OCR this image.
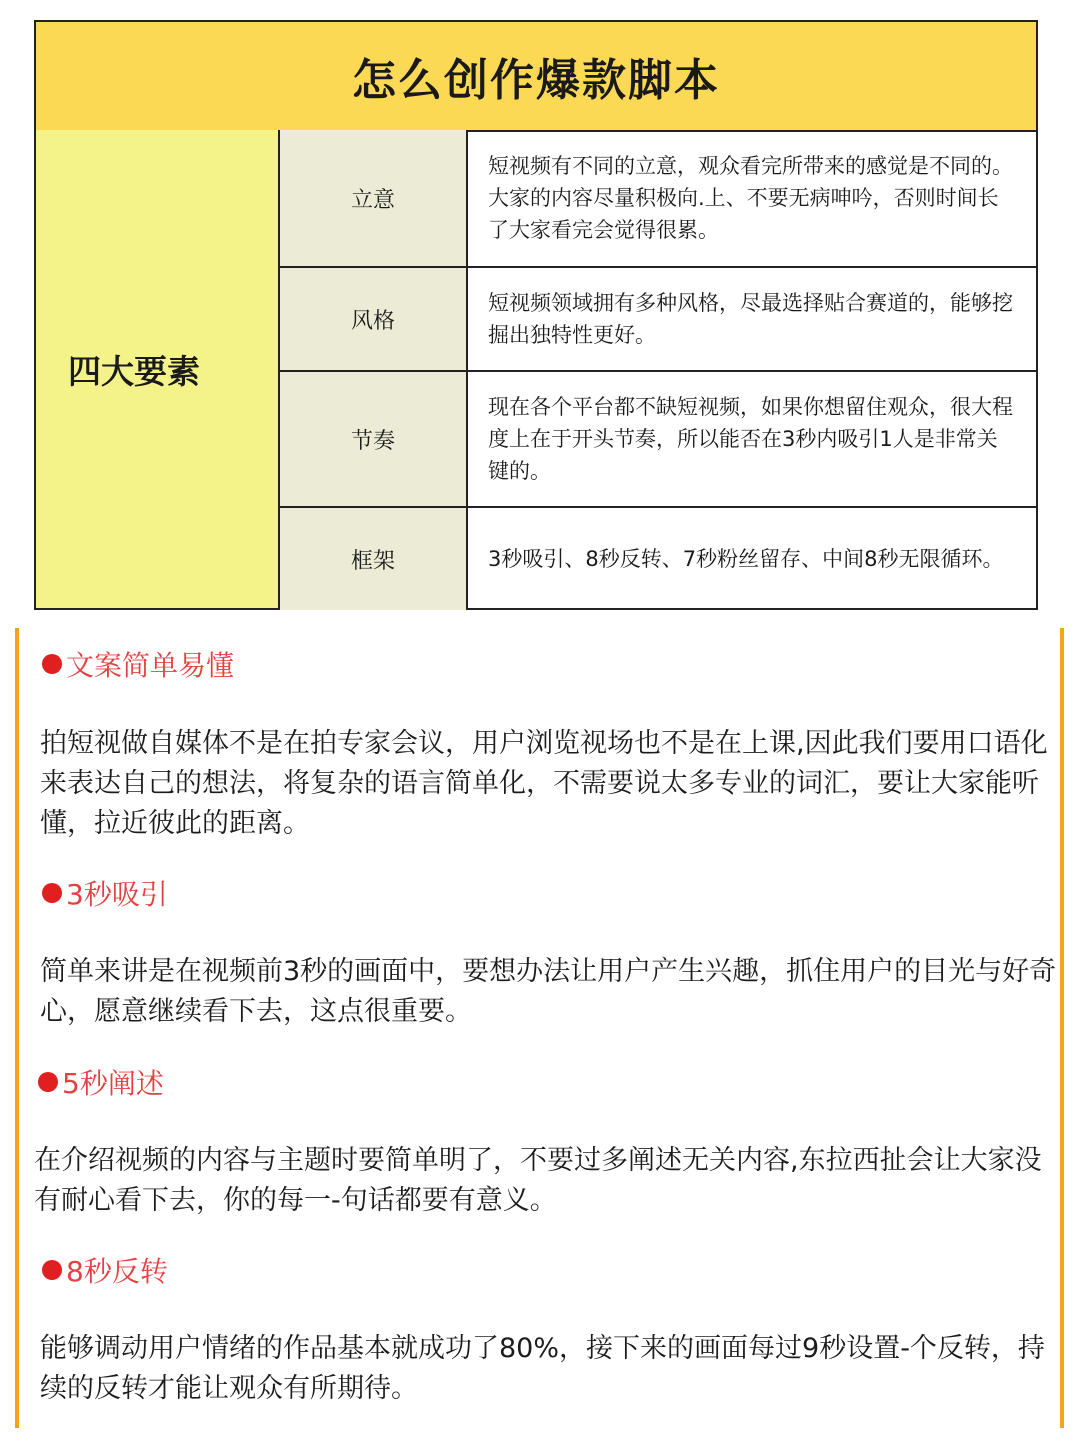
怎么创作爆款脚本
四大要素
立意
短视频有不同的立意，观众看完所带来的感觉是不同的。大家的内容尽量积极向.上、不要无病呻吟，否则时间长了大家看完会觉得很累。
风格
短视频领域拥有多种风格，尽最选择贴合赛道的，能够挖掘出独特性更好。
节奏
现在各个平台都不缺短视频，如果你想留住观众，很大程度上在于开头节奏，所以能否在3秒内吸引1人是非常关键的。
框架	3秒吸引、8秒反转、7秒粉丝留存、中间8秒无限循环。
文案简单易懂
拍短视做自媒体不是在拍专家会议，用户浏览视场也不是在上课,因此我们要用口语化来表达自己的想法，将复杂的语言简单化，不需要说太多专业的词汇，要让大家能听懂，拉近彼此的距离。
3秒吸引
简单来讲是在视频前3秒的画面中，要想办法让用户产生兴趣，抓住用户的目光与好奇心，愿意继续看下去，这点很重要。
5秒阐述
在介绍视频的内容与主题时要简单明了，不要过多阐述无关内容,东拉西扯会让大家没有耐心看下去，你的每一-句话都要有意义。
8秒反转
能够调动用户情绪的作品基本就成功了80%，接下来的画面每过9秒设置-个反转，持续的反转才能让观众有所期待。
